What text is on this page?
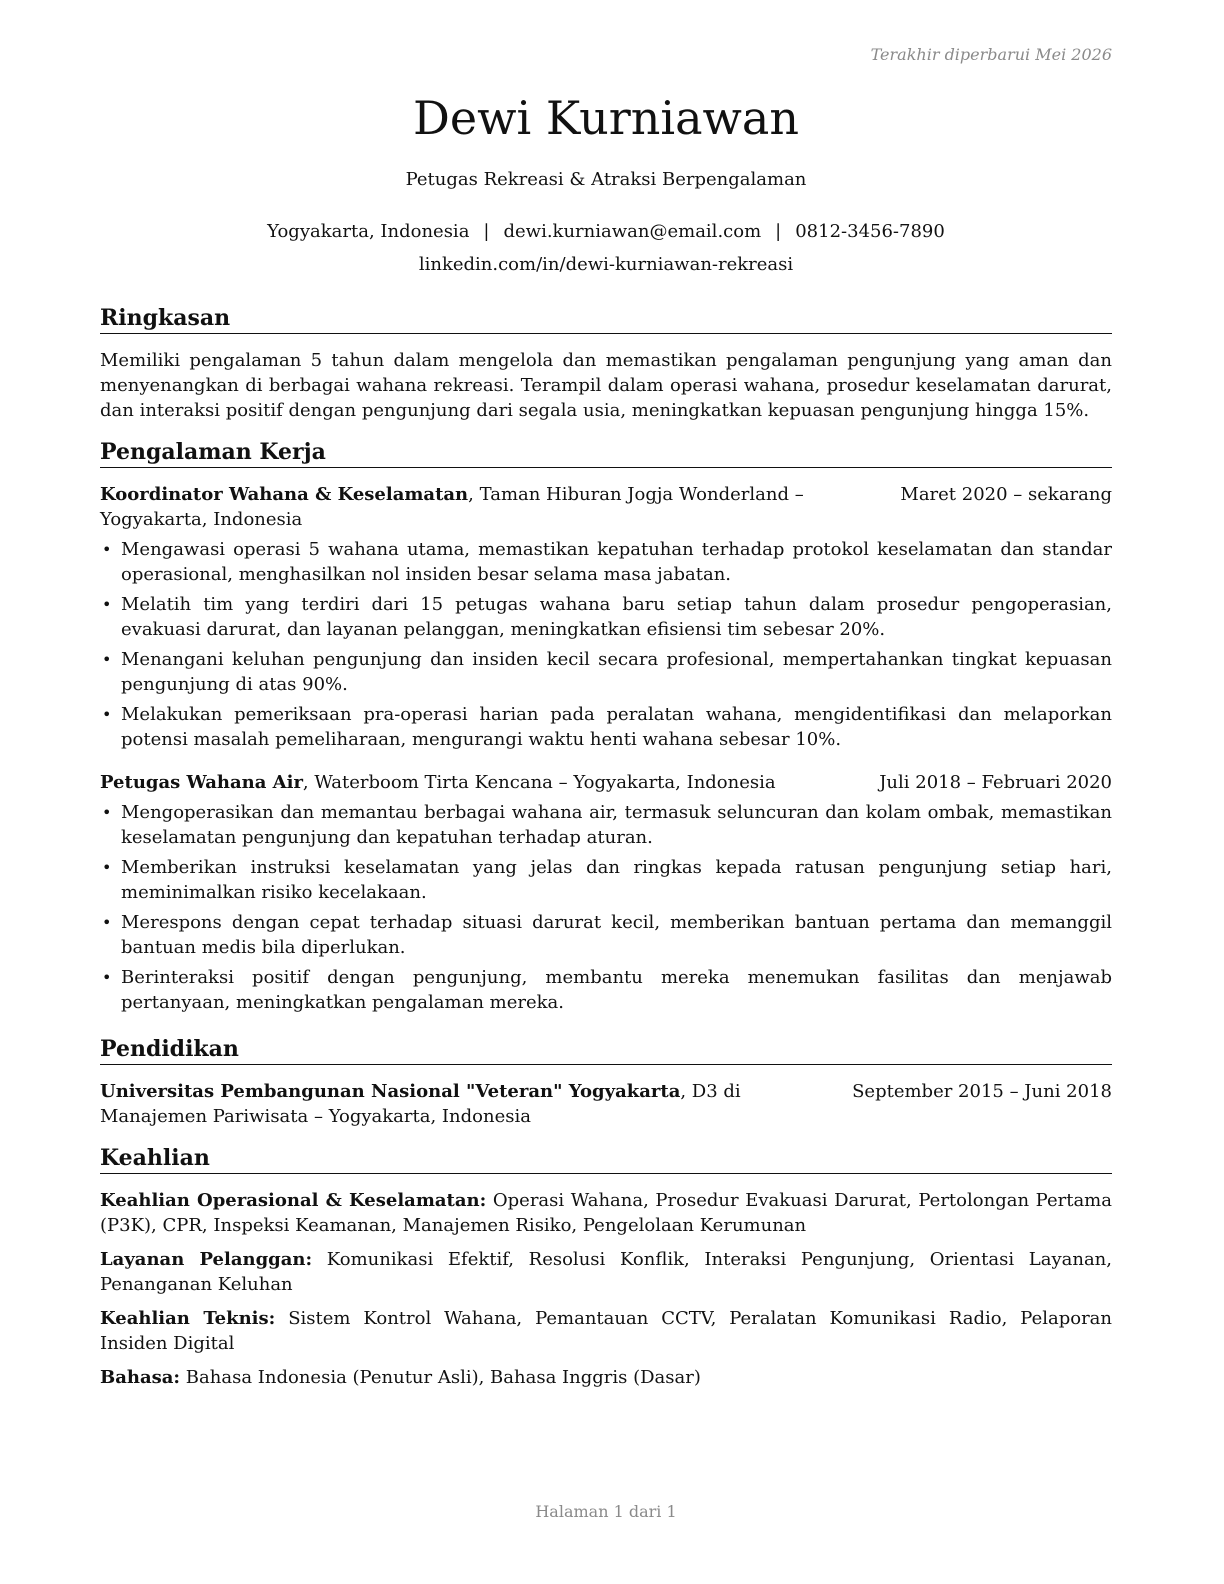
Terakhir diperbarui Mei 2026
Dewi Kurniawan
Petugas Rekreasi & Atraksi Berpengalaman
Yogyakarta, Indonesia | dewi.kurniawan@email.com | 0812-3456-7890
linkedin.com/in/dewi-kurniawan-rekreasi
Ringkasan

Memiliki pengalaman 5 tahun dalam mengelola dan memastikan pengalaman pengunjung yang aman dan menyenangkan di berbagai wahana rekreasi. Terampil dalam operasi wahana, prosedur keselamatan darurat, dan interaksi positif dengan pengunjung dari segala usia, meningkatkan kepuasan pengunjung hingga 15%.

Pengalaman Kerja
Koordinator Wahana & Keselamatan, Taman Hiburan Jogja Wonderland – Yogyakarta, Indonesia
Maret 2020 – sekarang
• Mengawasi operasi 5 wahana utama, memastikan kepatuhan terhadap protokol keselamatan dan standar operasional, menghasilkan nol insiden besar selama masa jabatan.
• Melatih tim yang terdiri dari 15 petugas wahana baru setiap tahun dalam prosedur pengoperasian, evakuasi darurat, dan layanan pelanggan, meningkatkan efisiensi tim sebesar 20%.
• Menangani keluhan pengunjung dan insiden kecil secara profesional, mempertahankan tingkat kepuasan pengunjung di atas 90%.
• Melakukan pemeriksaan pra-operasi harian pada peralatan wahana, mengidentifikasi dan melaporkan potensi masalah pemeliharaan, mengurangi waktu henti wahana sebesar 10%.
Petugas Wahana Air, Waterboom Tirta Kencana – Yogyakarta, Indonesia	Juli 2018 – Februari 2020
• Mengoperasikan dan memantau berbagai wahana air, termasuk seluncuran dan kolam ombak, memastikan keselamatan pengunjung dan kepatuhan terhadap aturan.
• Memberikan instruksi keselamatan yang jelas dan ringkas kepada ratusan pengunjung setiap hari, meminimalkan risiko kecelakaan.
• Merespons dengan cepat terhadap situasi darurat kecil, memberikan bantuan pertama dan memanggil bantuan medis bila diperlukan.
• Berinteraksi positif dengan pengunjung, membantu mereka menemukan fasilitas dan menjawab pertanyaan, meningkatkan pengalaman mereka.
Pendidikan
Universitas Pembangunan Nasional "Veteran" Yogyakarta, D3 di Manajemen Pariwisata – Yogyakarta, Indonesia
September 2015 – Juni 2018
Keahlian

Keahlian Operasional & Keselamatan: Operasi Wahana, Prosedur Evakuasi Darurat, Pertolongan Pertama (P3K), CPR, Inspeksi Keamanan, Manajemen Risiko, Pengelolaan Kerumunan

Layanan Pelanggan: Komunikasi Efektif, Resolusi Konflik, Interaksi Pengunjung, Orientasi Layanan, Penanganan Keluhan

Keahlian Teknis: Sistem Kontrol Wahana, Pemantauan CCTV, Peralatan Komunikasi Radio, Pelaporan Insiden Digital

Bahasa: Bahasa Indonesia (Penutur Asli), Bahasa Inggris (Dasar)

Halaman 1 dari 1
